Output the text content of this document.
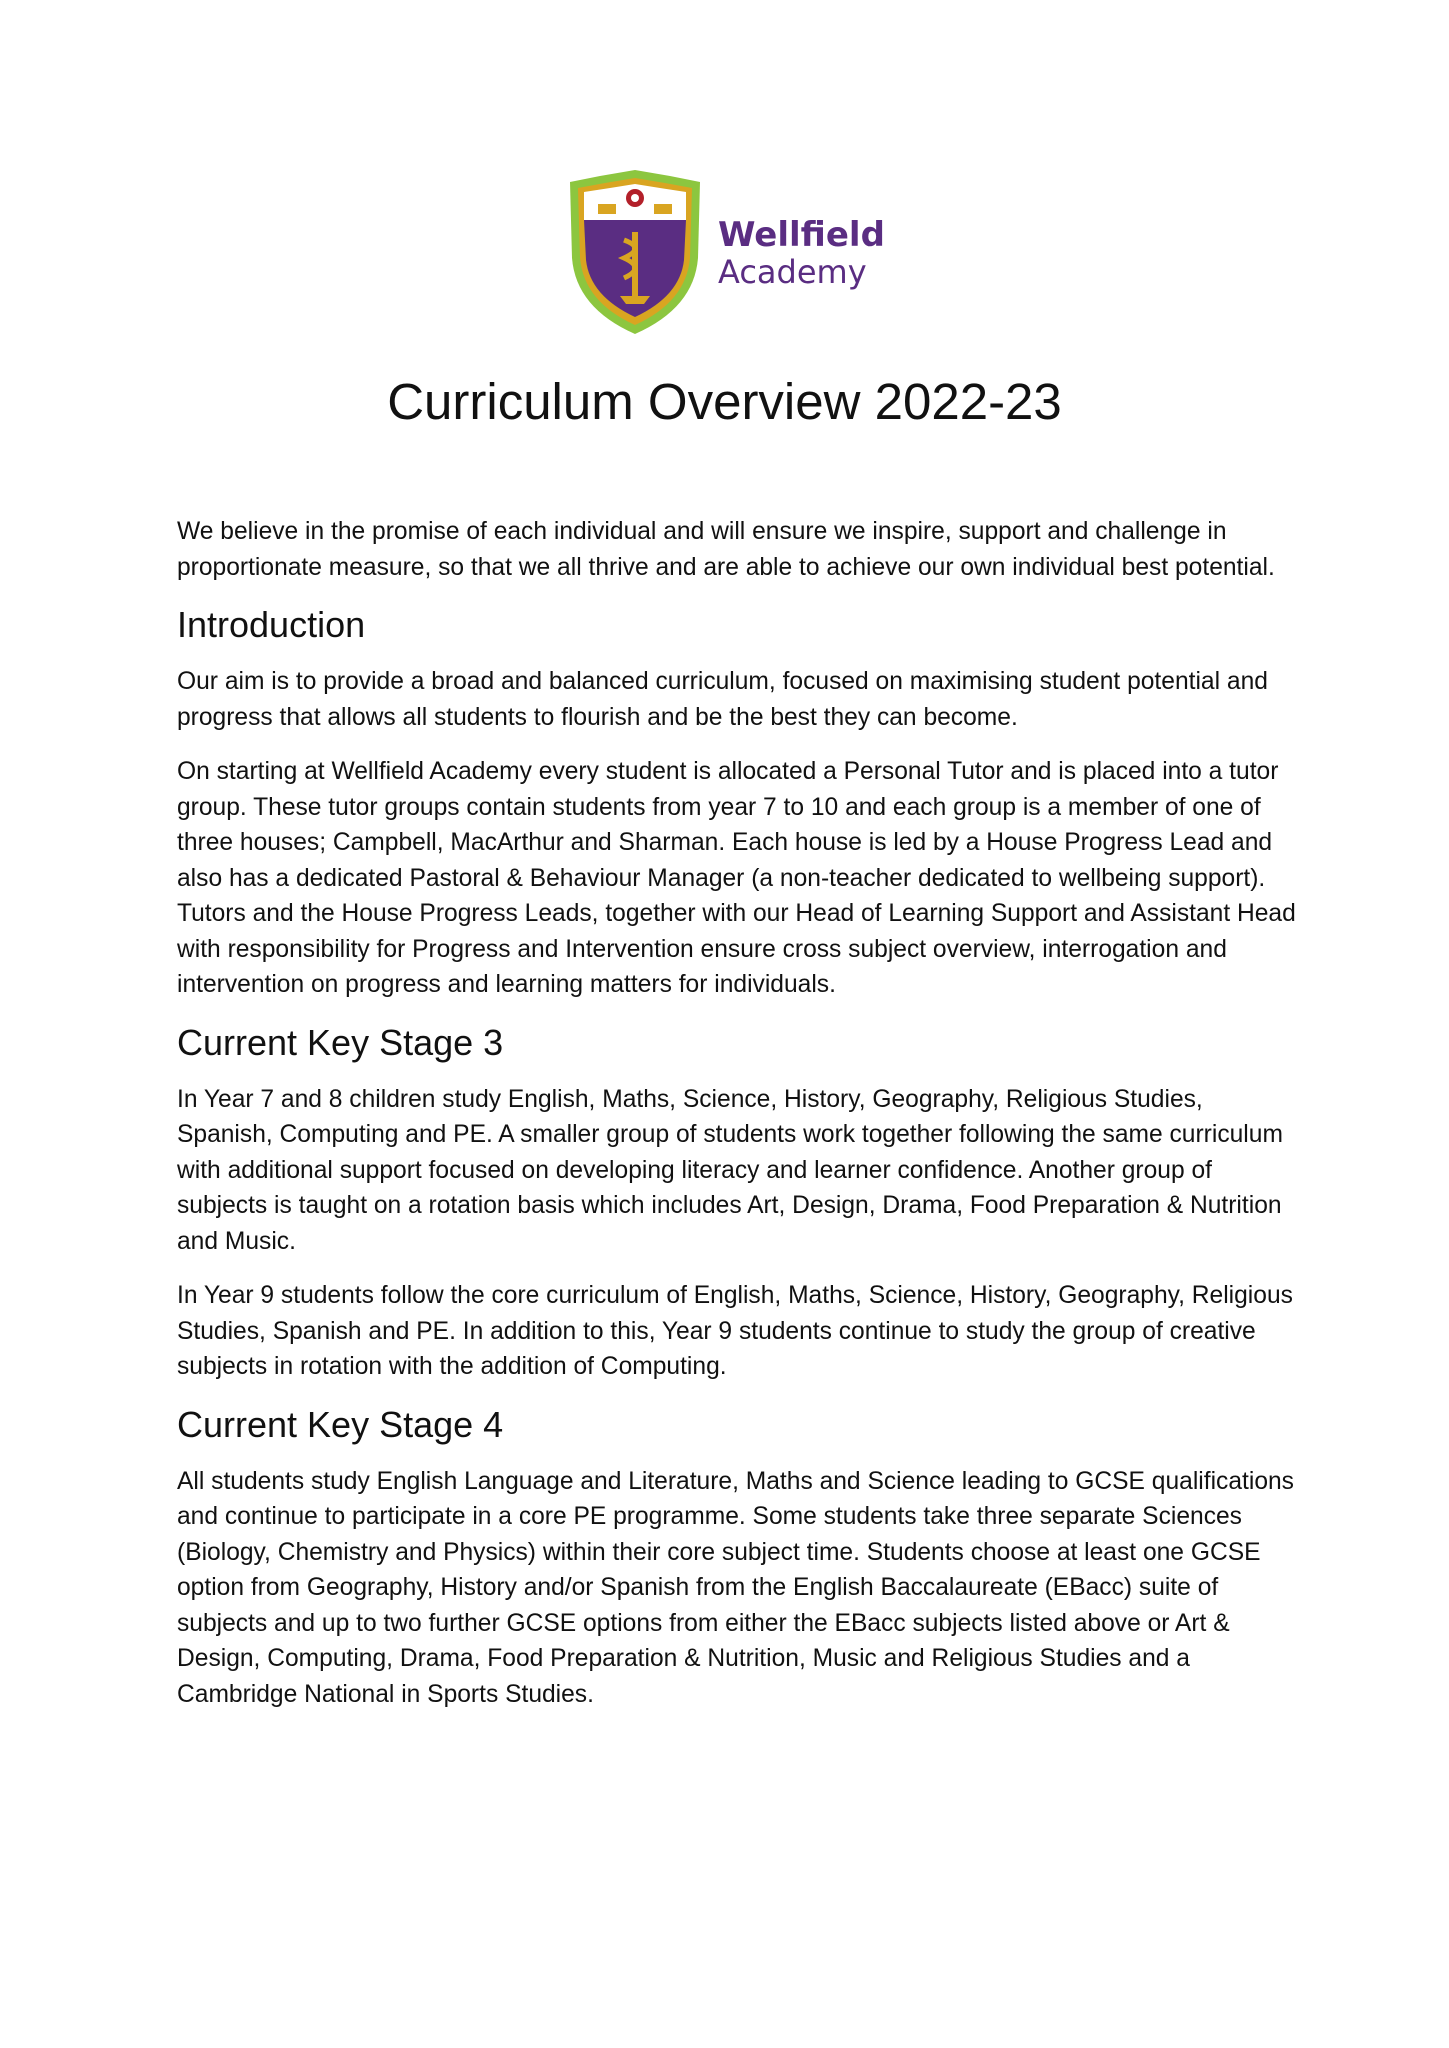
Wellfield
Academy
Curriculum Overview 2022-23

We believe in the promise of each individual and will ensure we inspire, support and challenge in proportionate measure, so that we all thrive and are able to achieve our own individual best potential.

Introduction

Our aim is to provide a broad and balanced curriculum, focused on maximising student potential and progress that allows all students to flourish and be the best they can become.

On starting at Wellfield Academy every student is allocated a Personal Tutor and is placed into a tutor group. These tutor groups contain students from year 7 to 10 and each group is a member of one of three houses; Campbell, MacArthur and Sharman. Each house is led by a House Progress Lead and also has a dedicated Pastoral & Behaviour Manager (a non-teacher dedicated to wellbeing support). Tutors and the House Progress Leads, together with our Head of Learning Support and Assistant Head with responsibility for Progress and Intervention ensure cross subject overview, interrogation and intervention on progress and learning matters for individuals.

Current Key Stage 3

In Year 7 and 8 children study English, Maths, Science, History, Geography, Religious Studies, Spanish, Computing and PE. A smaller group of students work together following the same curriculum with additional support focused on developing literacy and learner confidence. Another group of subjects is taught on a rotation basis which includes Art, Design, Drama, Food Preparation & Nutrition and Music.

In Year 9 students follow the core curriculum of English, Maths, Science, History, Geography, Religious Studies, Spanish and PE. In addition to this, Year 9 students continue to study the group of creative subjects in rotation with the addition of Computing.

Current Key Stage 4

All students study English Language and Literature, Maths and Science leading to GCSE qualifications and continue to participate in a core PE programme. Some students take three separate Sciences (Biology, Chemistry and Physics) within their core subject time. Students choose at least one GCSE option from Geography, History and/or Spanish from the English Baccalaureate (EBacc) suite of subjects and up to two further GCSE options from either the EBacc subjects listed above or Art & Design, Computing, Drama, Food Preparation & Nutrition, Music and Religious Studies and a Cambridge National in Sports Studies.
